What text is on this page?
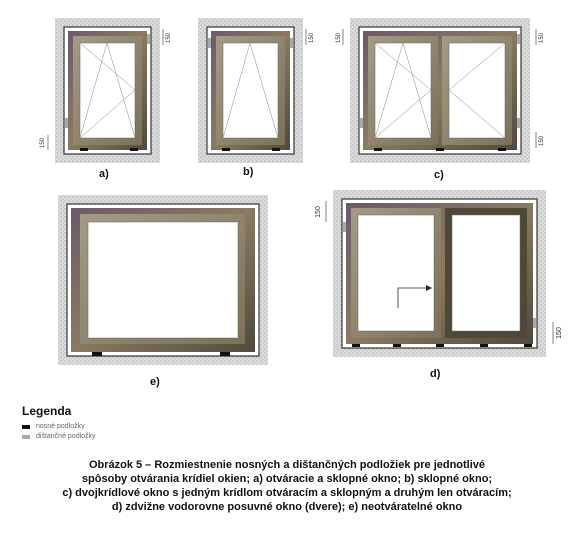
150
150
150	150	150
150
150
150
a)	b)	c)
e)
d)
Legenda
nosné podložky
dištančné podložky
Obrázok 5 – Rozmiestnenie nosných a dištančných podložiek pre jednotlivé
spôsoby otvárania krídiel okien; a) otváracie a sklopné okno; b) sklopné okno;
c) dvojkrídlové okno s jedným krídlom otváracím a sklopným a druhým len otváracím;
d) zdvižne vodorovne posuvné okno (dvere); e) neotváratelné okno
